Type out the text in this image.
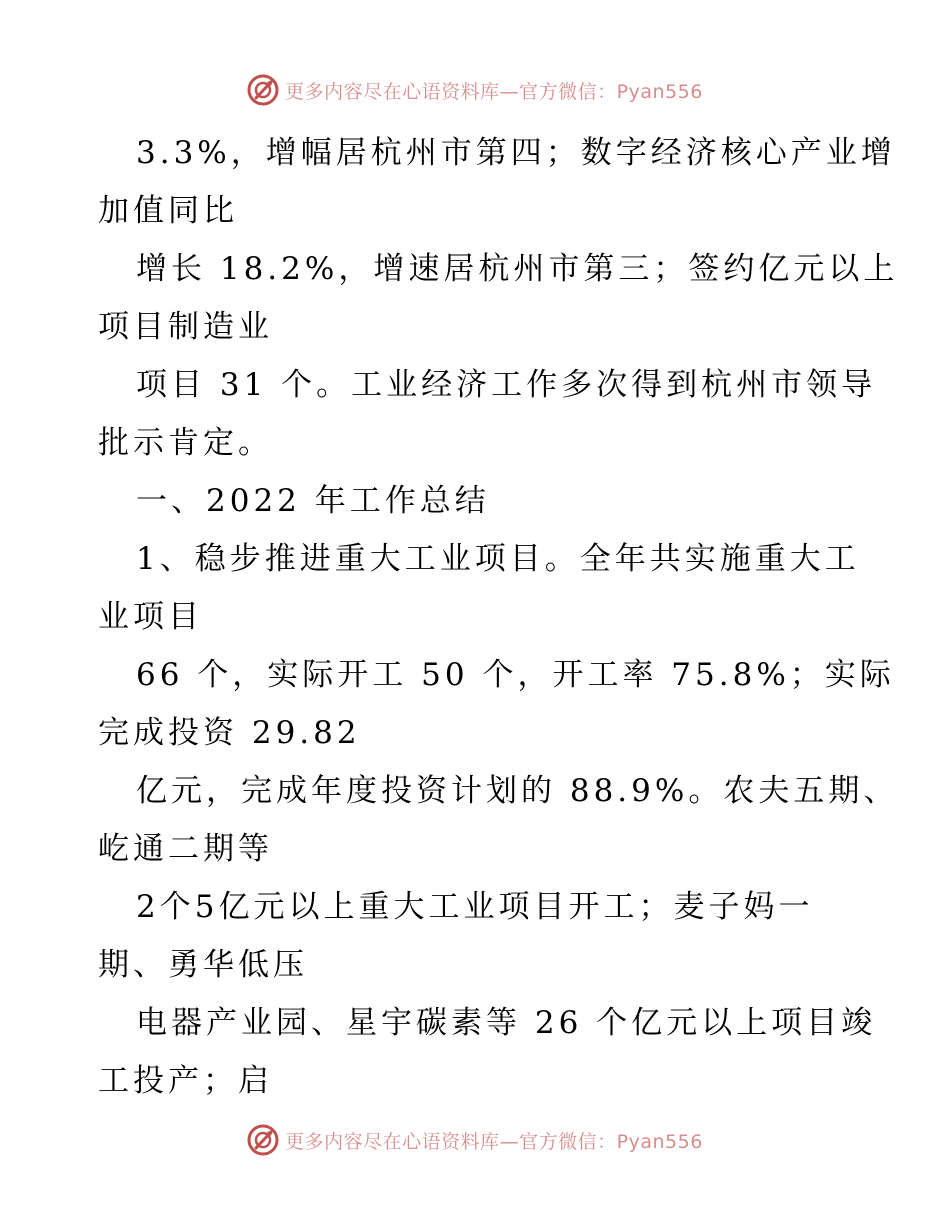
更多内容尽在心语资料库—官方微信：Pyan556

3.3%，增幅居杭州市第四；数字经济核心产业增
加值同比

增长 18.2%，增速居杭州市第三；签约亿元以上
项目制造业

项目 31 个。工业经济工作多次得到杭州市领导
批示肯定。

一、2022 年工作总结

1、稳步推进重大工业项目。全年共实施重大工
业项目

66 个，实际开工 50 个，开工率 75.8%；实际
完成投资 29.82

亿元，完成年度投资计划的 88.9%。农夫五期、
屹通二期等

2个5亿元以上重大工业项目开工；麦子妈一
期、勇华低压

电器产业园、星宇碳素等 26 个亿元以上项目竣
工投产；启

更多内容尽在心语资料库—官方微信：Pyan556
